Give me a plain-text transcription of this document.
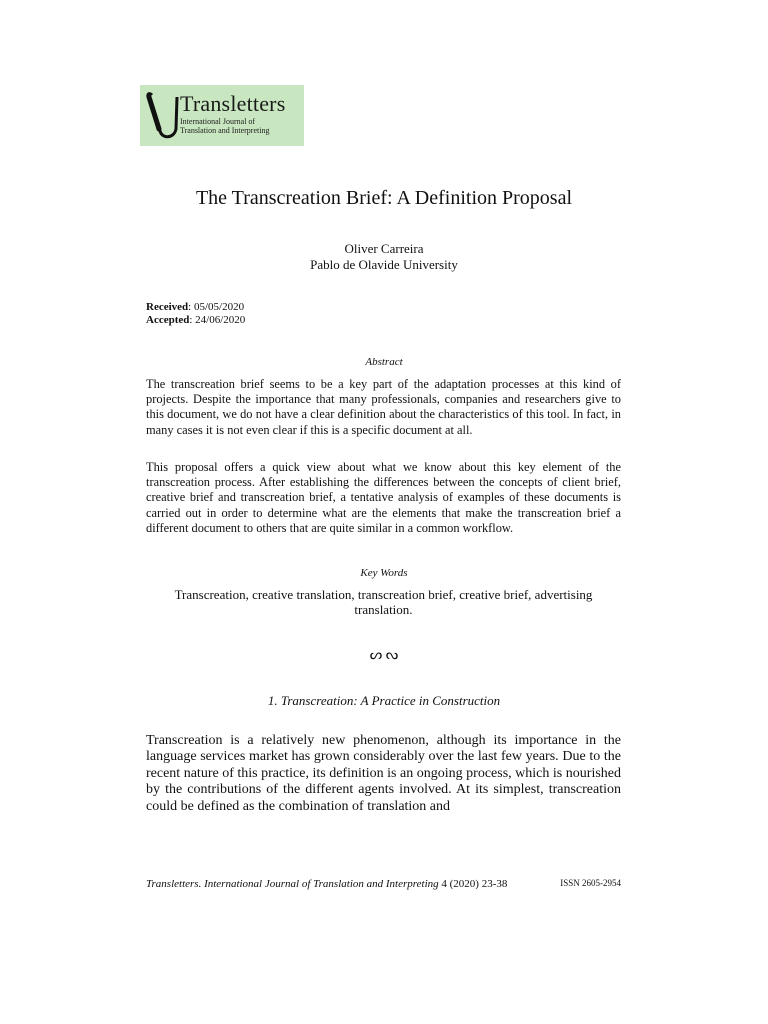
Transletters
International Journal of
Translation and Interpreting
The Transcreation Brief: A Definition Proposal
Oliver Carreira
Pablo de Olavide University
Received: 05/05/2020
Accepted: 24/06/2020
Abstract
The transcreation brief seems to be a key part of the adaptation processes at this kind of projects. Despite the importance that many professionals, companies and researchers give to this document, we do not have a clear definition about the characteristics of this tool. In fact, in many cases it is not even clear if this is a specific document at all.
This proposal offers a quick view about what we know about this key element of the transcreation process. After establishing the differences between the concepts of client brief, creative brief and transcreation brief, a tentative analysis of examples of these documents is carried out in order to determine what are the elements that make the transcreation brief a different document to others that are quite similar in a common workflow.
Key Words
Transcreation, creative translation, transcreation brief, creative brief, advertising translation.
ᔕ ᔓ
1. Transcreation: A Practice in Construction
Transcreation is a relatively new phenomenon, although its importance in the language services market has grown considerably over the last few years. Due to the recent nature of this practice, its definition is an ongoing process, which is nourished by the contributions of the different agents involved. At its simplest, transcreation could be defined as the combination of translation and
Transletters. International Journal of Translation and Interpreting 4 (2020) 23-38	ISSN 2605-2954
